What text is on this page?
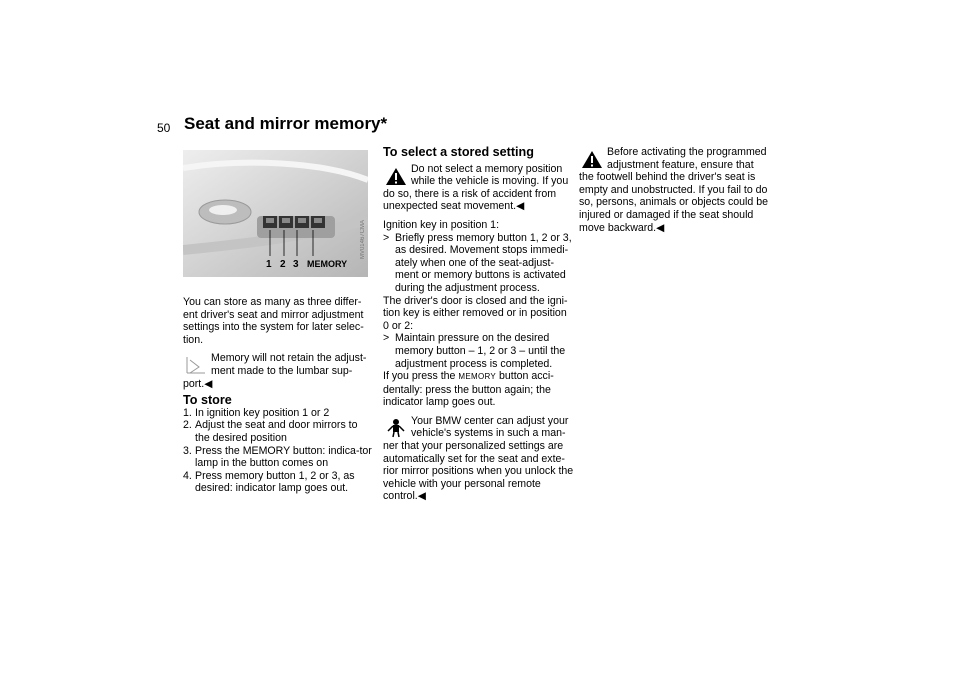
50 Seat and mirror memory*
1 2 3 MEMORY
MV01467CMA

You can store as many as three differ-ent driver's seat and mirror adjustment settings into the system for later selec-tion.

Memory will not retain the adjust-

ment made to the lumbar sup-

port.◀

To store
1. In ignition key position 1 or 2
2. Adjust the seat and door mirrors to the desired position
3. Press the MEMORY button: indica-tor lamp in the button comes on
4. Press memory button 1, 2 or 3, as desired: indicator lamp goes out.
To select a stored setting

Do not select a memory position

while the vehicle is moving. If you

do so, there is a risk of accident from unexpected seat movement.◀

Ignition key in position 1:

> Briefly press memory button 1, 2 or 3, as desired. Movement stops immedi-ately when one of the seat-adjust-ment or memory buttons is activated during the adjustment process.

The driver's door is closed and the igni-tion key is either removed or in position 0 or 2:

> Maintain pressure on the desired memory button – 1, 2 or 3 – until the adjustment process is completed.

If you press the MEMORY button acci-dentally: press the button again; the indicator lamp goes out.

Your BMW center can adjust your

vehicle's systems in such a man-

ner that your personalized settings are automatically set for the seat and exte-rior mirror positions when you unlock the vehicle with your personal remote control.◀

Before activating the programmed

adjustment feature, ensure that

the footwell behind the driver's seat is empty and unobstructed. If you fail to do so, persons, animals or objects could be injured or damaged if the seat should move backward.◀
